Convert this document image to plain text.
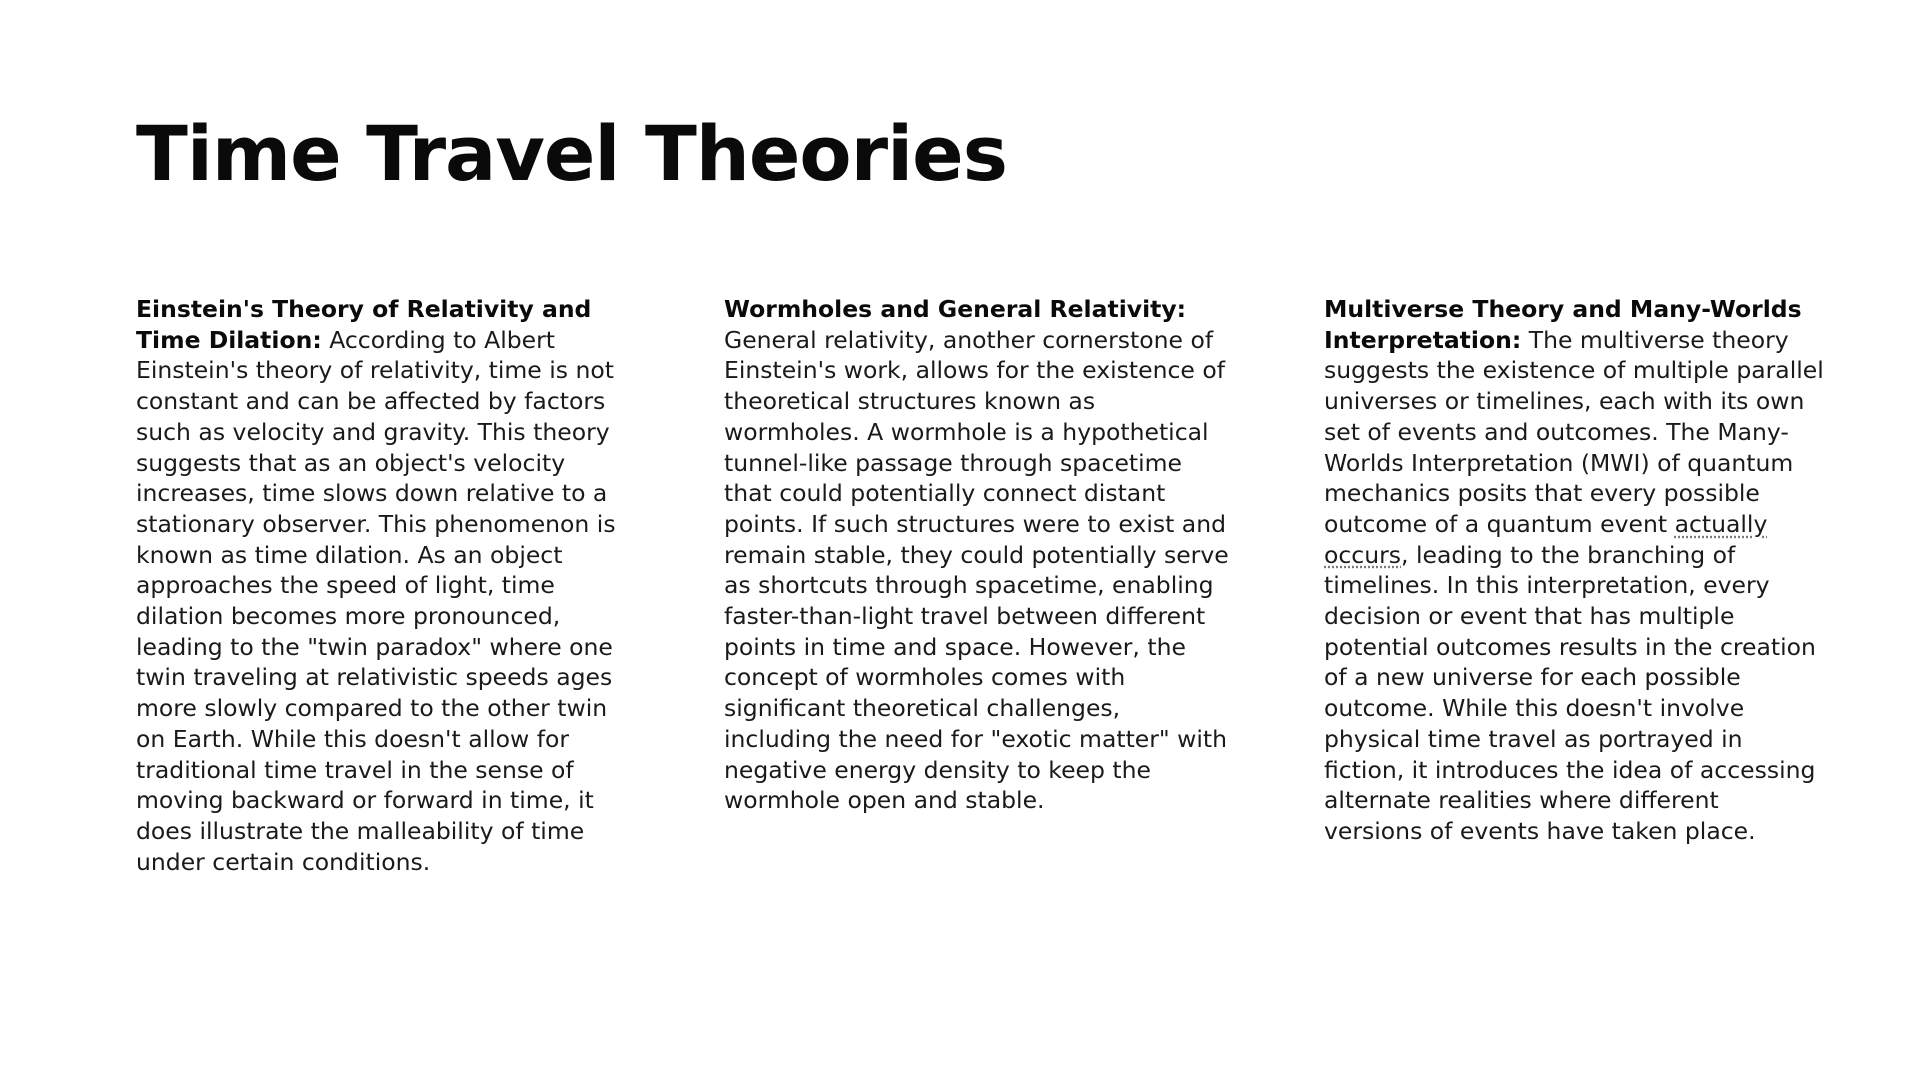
Time Travel Theories

Einstein's Theory of Relativity and Time Dilation: According to Albert Einstein's theory of relativity, time is not constant and can be affected by factors such as velocity and gravity. This theory suggests that as an object's velocity increases, time slows down relative to a stationary observer. This phenomenon is known as time dilation. As an object approaches the speed of light, time dilation becomes more pronounced, leading to the "twin paradox" where one twin traveling at relativistic speeds ages more slowly compared to the other twin on Earth. While this doesn't allow for traditional time travel in the sense of moving backward or forward in time, it does illustrate the malleability of time under certain conditions.

Wormholes and General Relativity: General relativity, another cornerstone of Einstein's work, allows for the existence of theoretical structures known as wormholes. A wormhole is a hypothetical tunnel-like passage through spacetime that could potentially connect distant points. If such structures were to exist and remain stable, they could potentially serve as shortcuts through spacetime, enabling faster-than-light travel between different points in time and space. However, the concept of wormholes comes with significant theoretical challenges, including the need for "exotic matter" with negative energy density to keep the wormhole open and stable.

Multiverse Theory and Many-Worlds Interpretation: The multiverse theory suggests the existence of multiple parallel universes or timelines, each with its own set of events and outcomes. The Many-Worlds Interpretation (MWI) of quantum mechanics posits that every possible outcome of a quantum event actually occurs, leading to the branching of timelines. In this interpretation, every decision or event that has multiple potential outcomes results in the creation of a new universe for each possible outcome. While this doesn't involve physical time travel as portrayed in fiction, it introduces the idea of accessing alternate realities where different versions of events have taken place.
